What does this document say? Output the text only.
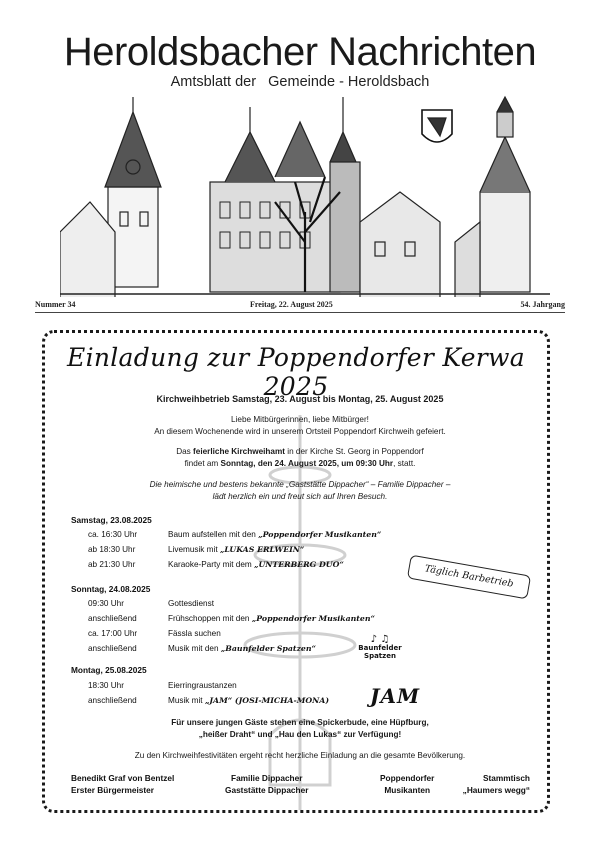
Heroldsbacher Nachrichten
Amtsblatt der   Gemeinde - Heroldsbach
Nummer 34	Freitag, 22. August 2025	54. Jahrgang
Einladung zur Poppendorfer Kerwa 2025
Kirchweihbetrieb Samstag, 23. August bis Montag, 25. August 2025
Liebe Mitbürgerinnen, liebe Mitbürger!
An diesem Wochenende wird in unserem Ortsteil Poppendorf Kirchweih gefeiert.
Das feierliche Kirchweihamt in der Kirche St. Georg in Poppendorf
findet am Sonntag, den 24. August 2025, um 09:30 Uhr, statt.
Die heimische und bestens bekannte „Gaststätte Dippacher“ – Familie Dippacher –
lädt herzlich ein und freut sich auf Ihren Besuch.
Samstag, 23.08.2025
ca. 16:30 Uhr	Baum aufstellen mit den „Poppendorfer Musikanten“
ab 18:30 Uhr	Livemusik mit „LUKAS ERLWEIN“
ab 21:30 Uhr	Karaoke-Party mit dem „UNTERBERG DUO“	Täglich Barbetrieb
Sonntag, 24.08.2025
09:30 Uhr	Gottesdienst
anschließend	Frühschoppen mit den „Poppendorfer Musikanten“
ca. 17:00 Uhr	Fässla suchen
anschließend	Musik mit den „Baunfelder Spatzen“
♪ ♫
Baunfelder Spatzen
Montag, 25.08.2025
18:30 Uhr	Eierringraustanzen
anschließend	Musik mit „JAM“ (JOSI-MICHA-MONA) JAM
Für unsere jungen Gäste stehen eine Spickerbude, eine Hüpfburg,
„heißer Draht“ und „Hau den Lukas“ zur Verfügung!
Zu den Kirchweihfestivitäten ergeht recht herzliche Einladung an die gesamte Bevölkerung.
Benedikt Graf von Bentzel
Erster Bürgermeister
Familie Dippacher
Gaststätte Dippacher
Poppendorfer
Musikanten
Stammtisch
„Haumers wegg“
